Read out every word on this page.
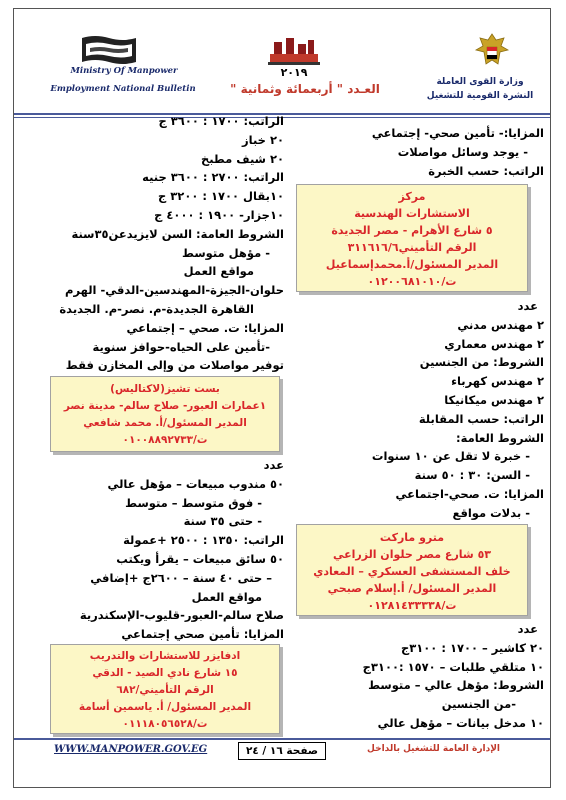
وزارة القوى العاملة
النشرة القومية للتشغيل
Ministry Of Manpower
Employment National Bulletin
٢٠١٩
العـدد " أربعمائة وثمانية "
المزايا:- تأمين صحي- إجتماعي
- يوجد وسائل مواصلات
الراتب: حسب الخبرة
مركز
الاستشارات الهندسية
٥ شارع الأهرام - مصر الجديدة
الرقم التأميني٣١١٦١٦/٦
المدير المسئول/أ.محمدإسماعيل
ت/٠١٢٠٠٦٨١٠١٠
عدد
٢ مهندس مدني
٢ مهندس معماري
الشروط: من الجنسين
٢ مهندس كهرباء
٢ مهندس ميكانيكا
الراتب: حسب المقابلة
الشروط العامة:
- خبرة لا تقل عن ١٠ سنوات
- السن: ٣٠ : ٥٠ سنة
المزايا: ت. صحي-اجتماعي
- بدلات مواقع
مترو ماركت
٥٣ شارع مصر حلوان الزراعي
خلف المستشفى العسكري – المعادي
المدير المسئول/ أ.إسلام صبحي
ت/٠١٢٨١٤٣٣٣٣٨
عدد
٢٠ كاشير – ١٧٠٠ : ٣١٠٠ج
١٠ متلقي طلبات – ١٥٧٠ :٣١٠٠ج
الشروط: مؤهل عالي – متوسط
-من الجنسين
١٠ مدخل بيانات – مؤهل عالي
الراتب: ١٧٠٠ : ٣٦٠٠ ج
٢٠ خباز
٢٠ شيف مطبخ
الراتب: ٢٧٠٠ : ٣٦٠٠ جنيه
١٠بقال ١٧٠٠ : ٣٢٠٠ ج
١٠جزار- ١٩٠٠ : ٤٠٠٠ ج
الشروط العامة: السن لايزيدعن٣٥سنة
- مؤهل متوسط
مواقع العمل
حلوان-الجيزة-المهندسين-الدقي- الهرم
القاهرة الجديدة-م. نصر-م. الجديدة
المزايا: ت. صحي – إجتماعي
-تأمين على الحياه-حوافز سنوية
توفير مواصلات من وإلى المخازن فقط
بست تشيز(لاكتاليس)
١عمارات العبور- صلاح سالم- مدينة نصر
المدير المسئول/أ. محمد شافعي
ت/٠١٠٠٨٨٩٢٧٣٣
عدد
٥٠ مندوب مبيعات – مؤهل عالي
- فوق متوسط – متوسط
- حتى ٣٥ سنة
الراتب: ١٣٥٠ : ٢٥٠٠ +عمولة
٥٠ سائق مبيعات – يقرأ ويكتب
– حتى ٤٠ سنة – ٢٦٠٠ج +إضافي
مواقع العمل
صلاح سالم-العبور-قليوب-الإسكندرية
المزايا: تأمين صحي إجتماعي
ادفايزر للاستشارات والتدريب
١٥ شارع نادي الصيد - الدقي
الرقم التأميني/٦٨٢
المدير المسئول/ أ. ياسمين أسامة
ت/٠١١١٨٠٥٦٥٢٨
WWW.MANPOWER.GOV.EG	صفحة ١٦ / ٢٤	الإدارة العامة للتشغيل بالداخل
